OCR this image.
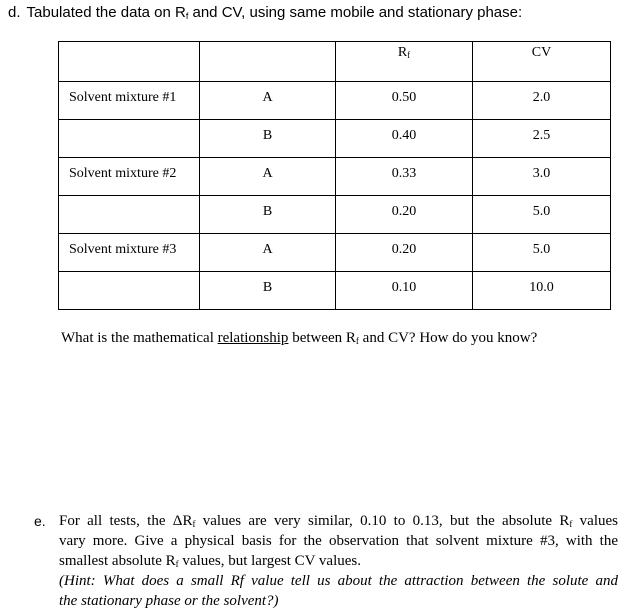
d. Tabulated the data on $R_f$ and CV, using same mobile and stationary phase:

		$R_f$	CV

Solvent mixture #1	A	0.50	2.0

	B	0.40	2.5

Solvent mixture #2	A	0.33	3.0

	B	0.20	5.0

Solvent mixture #3	A	0.20	5.0

	B	0.10	10.0
What is the mathematical relationship between $R_f$ and CV? How do you know?
e. For all tests, the $\Delta R_f$ values are very similar, 0.10 to 0.13, but the absolute $R_f$ values
vary more. Give a physical basis for the observation that solvent mixture #3, with the
smallest absolute $R_f$ values, but largest CV values.
(Hint: What does a small Rf value tell us about the attraction between the solute and
the stationary phase or the solvent?)
